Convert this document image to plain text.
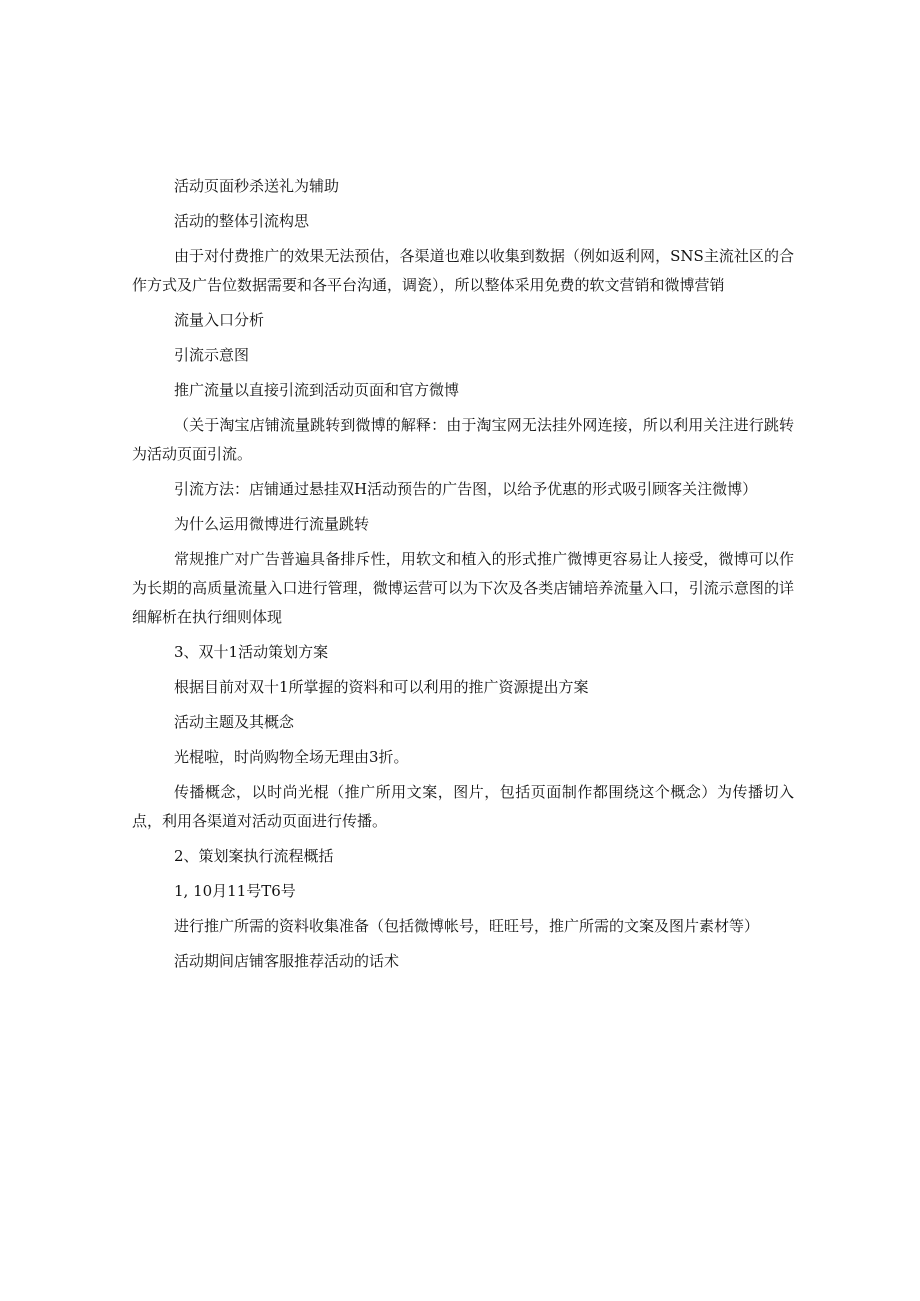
活动页面秒杀送礼为辅助

活动的整体引流构思

由于对付费推广的效果无法预估，各渠道也难以收集到数据（例如返利网，SNS主流社区的合作方式及广告位数据需要和各平台沟通，调瓷），所以整体采用免费的软文营销和微博营销

流量入口分析

引流示意图

推广流量以直接引流到活动页面和官方微博

（关于淘宝店铺流量跳转到微博的解释：由于淘宝网无法挂外网连接，所以利用关注进行跳转为活动页面引流。

引流方法：店铺通过悬挂双H活动预告的广告图，以给予优惠的形式吸引顾客关注微博）

为什么运用微博进行流量跳转

常规推广对广告普遍具备排斥性，用软文和植入的形式推广微博更容易让人接受，微博可以作为长期的高质量流量入口进行管理，微博运营可以为下次及各类店铺培养流量入口，引流示意图的详细解析在执行细则体现

3、双十1活动策划方案

根据目前对双十1所掌握的资料和可以利用的推广资源提出方案

活动主题及其概念

光棍啦，时尚购物全场无理由3折。

传播概念，以时尚光棍（推广所用文案，图片，包括页面制作都围绕这个概念）为传播切入点，利用各渠道对活动页面进行传播。

2、策划案执行流程概括

1, 10月11号T6号

进行推广所需的资料收集准备（包括微博帐号，旺旺号，推广所需的文案及图片素材等）

活动期间店铺客服推荐活动的话术
